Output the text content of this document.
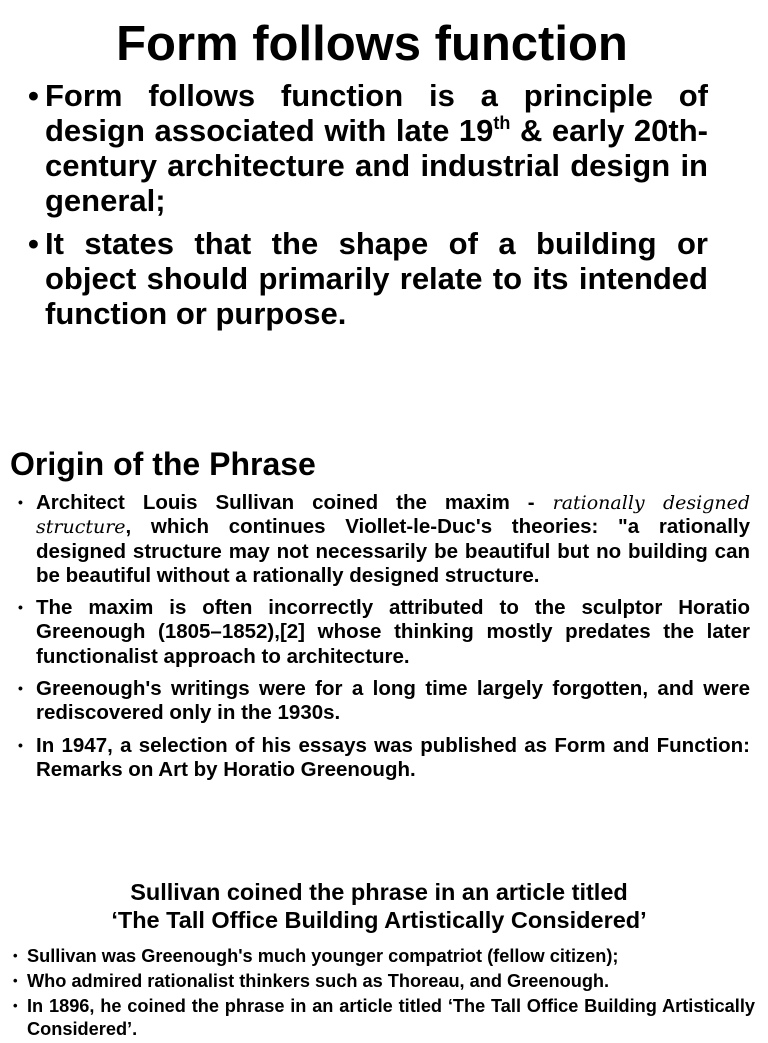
Form follows function
• Form follows function is a principle of design associated with late 19th & early 20th-century architecture and industrial design in general;
• It states that the shape of a building or object should primarily relate to its intended function or purpose.
Origin of the Phrase
• Architect Louis Sullivan coined the maxim - rationally designed structure, which continues Viollet-le-Duc's theories: "a rationally designed structure may not necessarily be beautiful but no building can be beautiful without a rationally designed structure.
• The maxim is often incorrectly attributed to the sculptor Horatio Greenough (1805–1852),[2] whose thinking mostly predates the later functionalist approach to architecture.
• Greenough's writings were for a long time largely forgotten, and were rediscovered only in the 1930s.
• In 1947, a selection of his essays was published as Form and Function: Remarks on Art by Horatio Greenough.
Sullivan coined the phrase in an article titled
‘The Tall Office Building Artistically Considered’
• Sullivan was Greenough's much younger compatriot (fellow citizen);
• Who admired rationalist thinkers such as Thoreau, and Greenough.
• In 1896, he coined the phrase in an article titled ‘The Tall Office Building Artistically Considered’.
